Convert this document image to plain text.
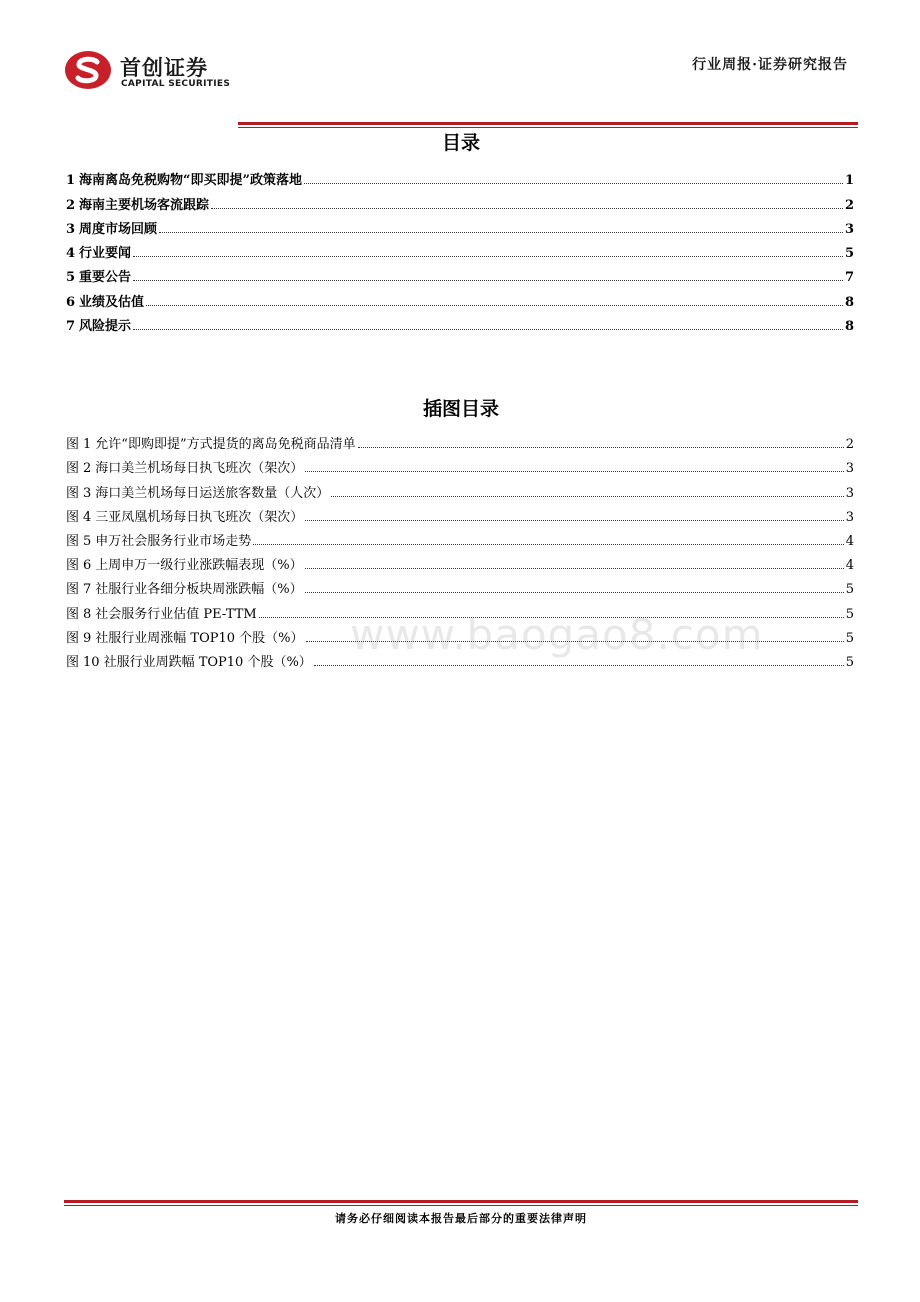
首创证券
CAPITAL SECURITIES
行业周报·证券研究报告
目录
1 海南离岛免税购物“即买即提”政策落地	1
2 海南主要机场客流跟踪	2
3 周度市场回顾	3
4 行业要闻	5
5 重要公告	7
6 业绩及估值	8
7 风险提示	8
插图目录
图 1 允许“即购即提”方式提货的离岛免税商品清单	2
图 2 海口美兰机场每日执飞班次（架次）	3
图 3 海口美兰机场每日运送旅客数量（人次）	3
图 4 三亚凤凰机场每日执飞班次（架次）	3
图 5 申万社会服务行业市场走势	4
图 6 上周申万一级行业涨跌幅表现（%）	4
图 7 社服行业各细分板块周涨跌幅（%）	5
图 8 社会服务行业估值 PE-TTM	5
图 9 社服行业周涨幅 TOP10 个股（%）	5
图 10 社服行业周跌幅 TOP10 个股（%）	5
www.baogao8.com
请务必仔细阅读本报告最后部分的重要法律声明
